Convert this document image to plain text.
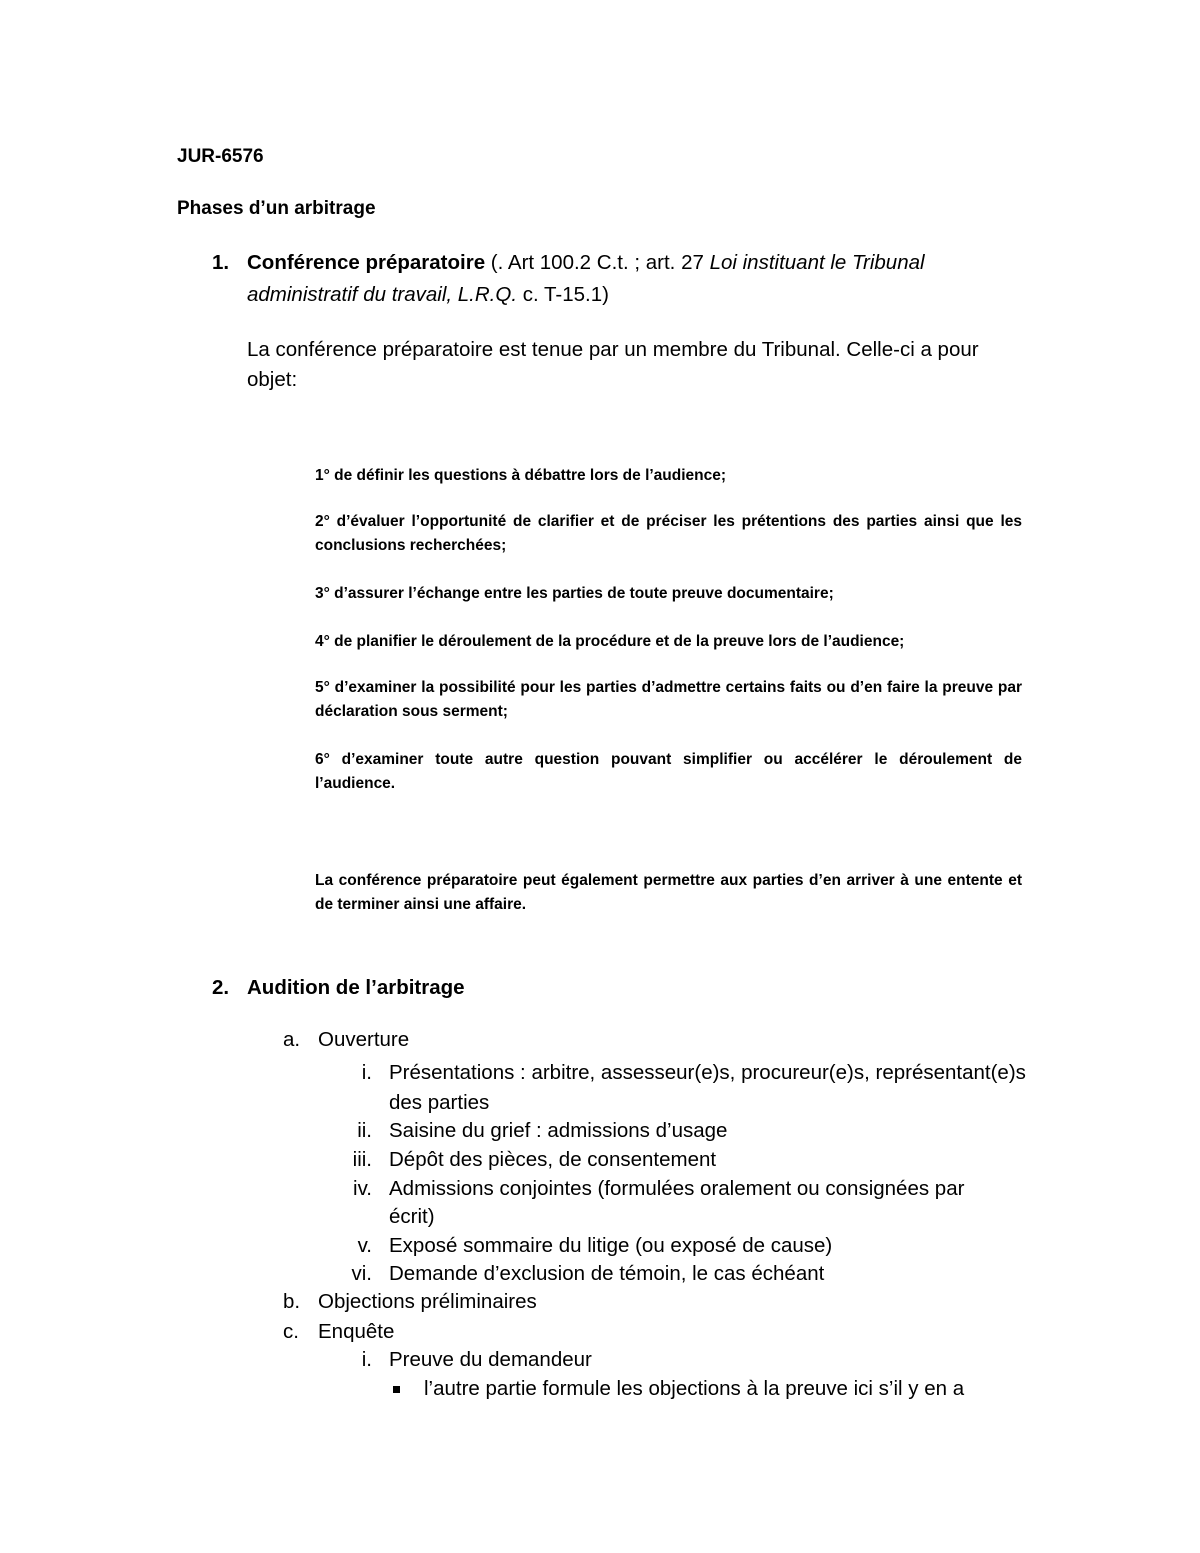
JUR-6576
Phases d’un arbitrage
1. Conférence préparatoire (. Art 100.2 C.t. ; art. 27 Loi instituant le Tribunal
administratif du travail, L.R.Q. c. T-15.1)
La conférence préparatoire est tenue par un membre du Tribunal. Celle-ci a pour
objet:
1° de définir les questions à débattre lors de l’audience;
2° d’évaluer l’opportunité de clarifier et de préciser les prétentions des parties ainsi que les conclusions recherchées;
3° d’assurer l’échange entre les parties de toute preuve documentaire;
4° de planifier le déroulement de la procédure et de la preuve lors de l’audience;
5° d’examiner la possibilité pour les parties d’admettre certains faits ou d’en faire la preuve par déclaration sous serment;
6° d’examiner toute autre question pouvant simplifier ou accélérer le déroulement de l’audience.
La conférence préparatoire peut également permettre aux parties d’en arriver à une entente et de terminer ainsi une affaire.
2. Audition de l’arbitrage
a. Ouverture
i. Présentations : arbitre, assesseur(e)s, procureur(e)s, représentant(e)s
des parties
ii. Saisine du grief : admissions d’usage
iii. Dépôt des pièces, de consentement
iv. Admissions conjointes (formulées oralement ou consignées par
écrit)
v. Exposé sommaire du litige (ou exposé de cause)
vi. Demande d’exclusion de témoin, le cas échéant
b. Objections préliminaires
c. Enquête
i. Preuve du demandeur
l’autre partie formule les objections à la preuve ici s’il y en a
